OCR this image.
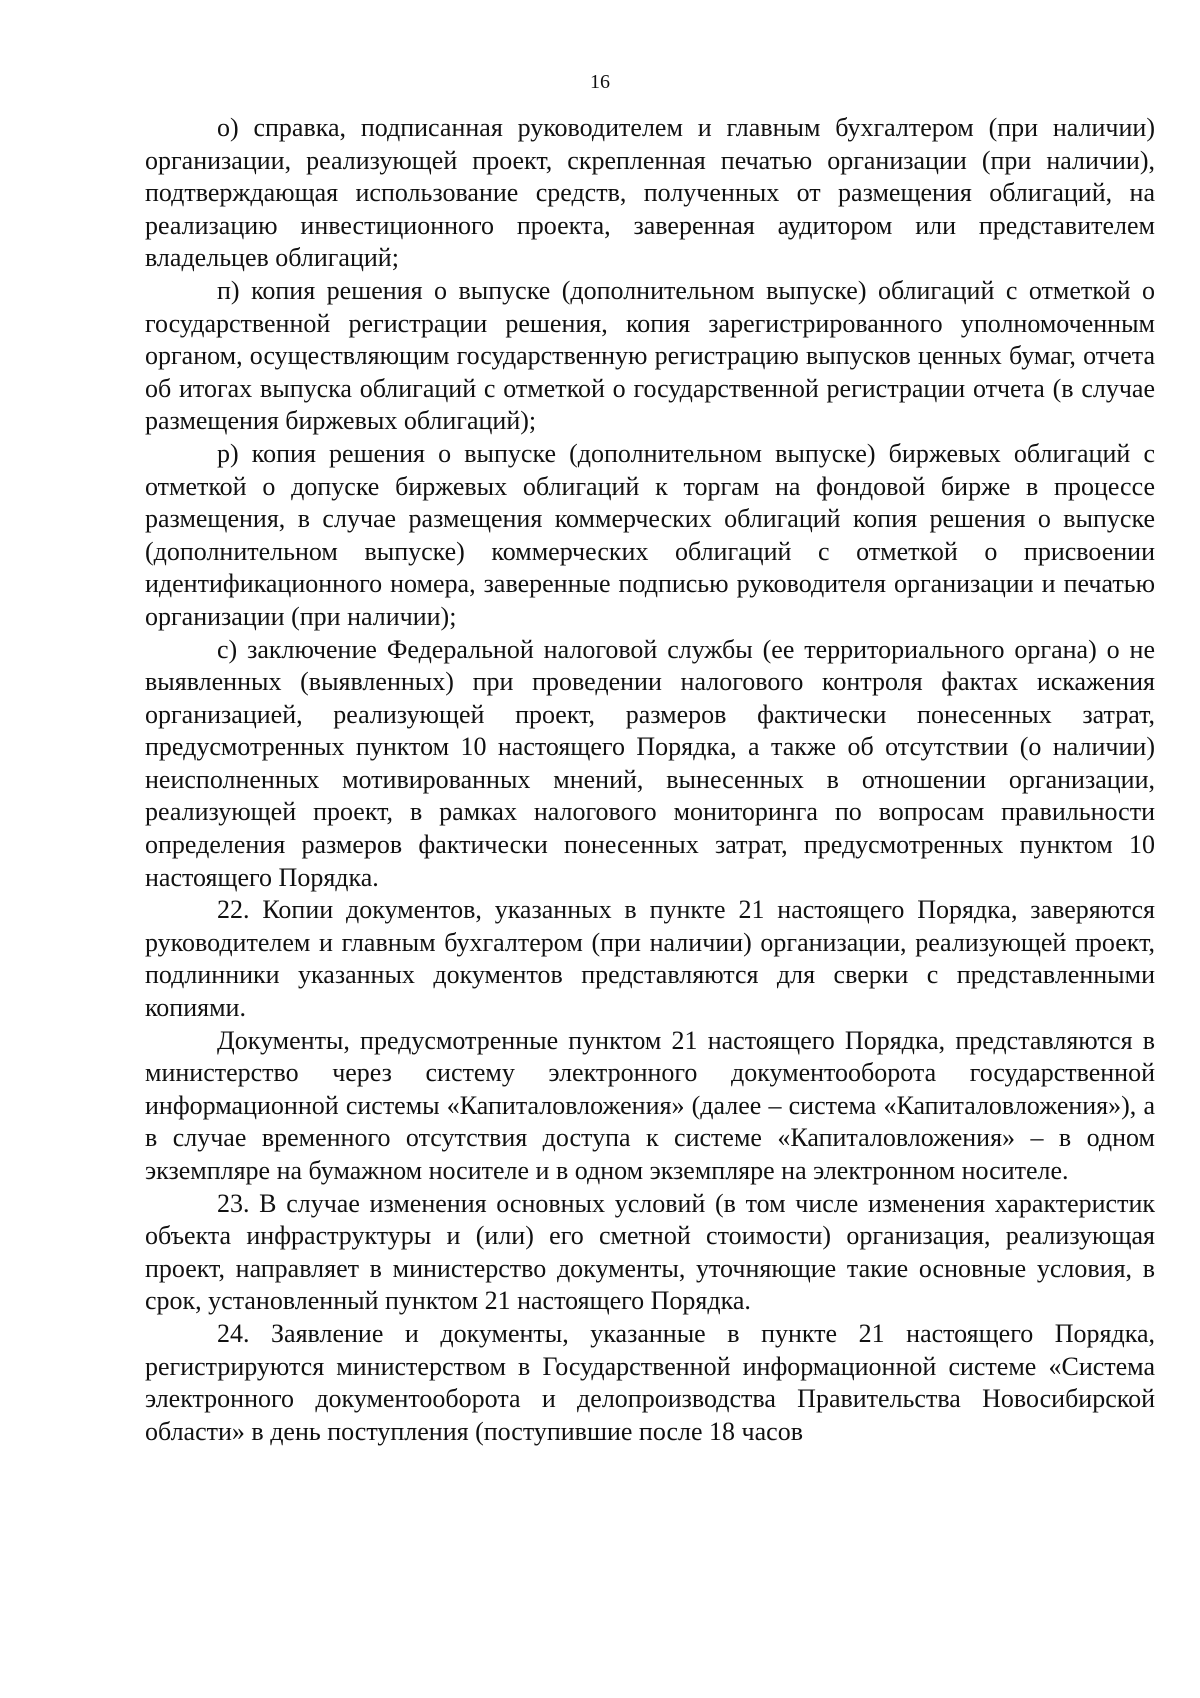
16

о) справка, подписанная руководителем и главным бухгалтером (при наличии) организации, реализующей проект, скрепленная печатью организации (при наличии), подтверждающая использование средств, полученных от размещения облигаций, на реализацию инвестиционного проекта, заверенная аудитором или представителем владельцев облигаций;

п) копия решения о выпуске (дополнительном выпуске) облигаций с отметкой о государственной регистрации решения, копия зарегистрированного уполномоченным органом, осуществляющим государственную регистрацию выпусков ценных бумаг, отчета об итогах выпуска облигаций с отметкой о государственной регистрации отчета (в случае размещения биржевых облигаций);

р) копия решения о выпуске (дополнительном выпуске) биржевых облигаций с отметкой о допуске биржевых облигаций к торгам на фондовой бирже в процессе размещения, в случае размещения коммерческих облигаций копия решения о выпуске (дополнительном выпуске) коммерческих облигаций с отметкой о присвоении идентификационного номера, заверенные подписью руководителя организации и печатью организации (при наличии);

с) заключение Федеральной налоговой службы (ее территориального органа) о не выявленных (выявленных) при проведении налогового контроля фактах искажения организацией, реализующей проект, размеров фактически понесенных затрат, предусмотренных пунктом 10 настоящего Порядка, а также об отсутствии (о наличии) неисполненных мотивированных мнений, вынесенных в отношении организации, реализующей проект, в рамках налогового мониторинга по вопросам правильности определения размеров фактически понесенных затрат, предусмотренных пунктом 10 настоящего Порядка.

22. Копии документов, указанных в пункте 21 настоящего Порядка, заверяются руководителем и главным бухгалтером (при наличии) организации, реализующей проект, подлинники указанных документов представляются для сверки с представленными копиями.

Документы, предусмотренные пунктом 21 настоящего Порядка, представляются в министерство через систему электронного документооборота государственной информационной системы «Капиталовложения» (далее – система «Капиталовложения»), а в случае временного отсутствия доступа к системе «Капиталовложения» – в одном экземпляре на бумажном носителе и в одном экземпляре на электронном носителе.

23. В случае изменения основных условий (в том числе изменения характеристик объекта инфраструктуры и (или) его сметной стоимости) организация, реализующая проект, направляет в министерство документы, уточняющие такие основные условия, в срок, установленный пунктом 21 настоящего Порядка.

24. Заявление и документы, указанные в пункте 21 настоящего Порядка, регистрируются министерством в Государственной информационной системе «Система электронного документооборота и делопроизводства Правительства Новосибирской области» в день поступления (поступившие после 18 часов
